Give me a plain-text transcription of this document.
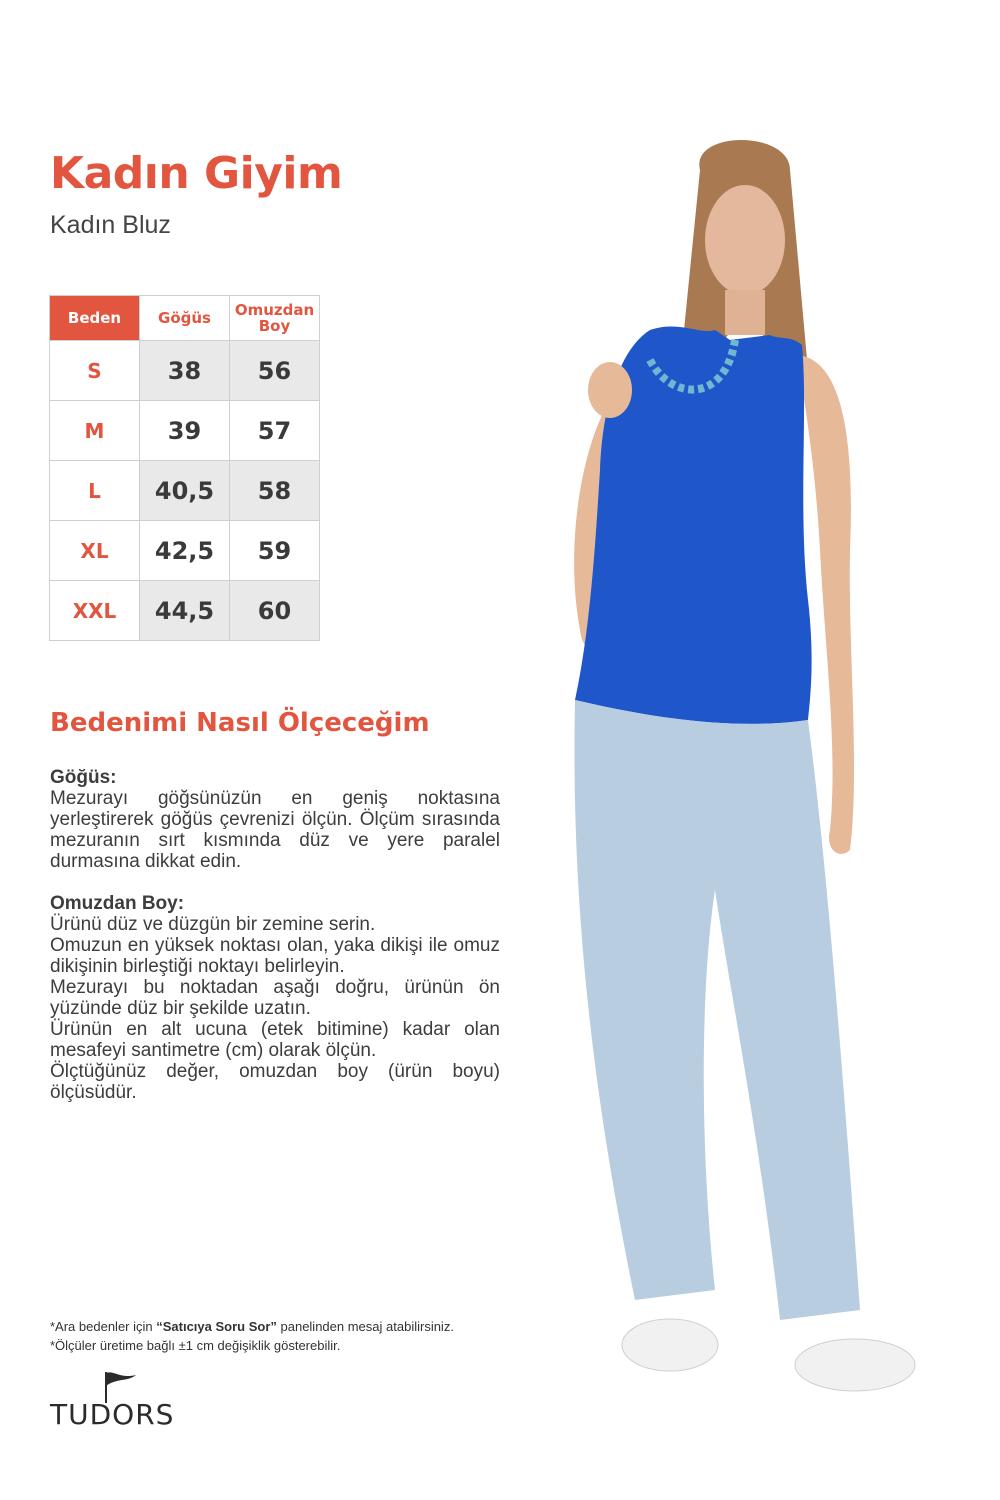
Kadın Giyim
Kadın Bluz
Beden	Göğüs	Omuzdan
Boy
S	38	56
M	39	57
L	40,5	58
XL	42,5	59
XXL	44,5	60
Bedenimi Nasıl Ölçeceğim
Göğüs:

Mezurayı göğsünüzün en geniş noktasına yerleştirerek göğüs çevrenizi ölçün. Ölçüm sırasında mezuranın sırt kısmında düz ve yere paralel durmasına dikkat edin.

Omuzdan Boy:

Ürünü düz ve düzgün bir zemine serin.

Omuzun en yüksek noktası olan, yaka dikişi ile omuz dikişinin birleştiği noktayı belirleyin.

Mezurayı bu noktadan aşağı doğru, ürünün ön yüzünde düz bir şekilde uzatın.

Ürünün en alt ucuna (etek bitimine) kadar olan mesafeyi santimetre (cm) olarak ölçün.

Ölçtüğünüz değer, omuzdan boy (ürün boyu) ölçüsüdür.

*Ara bedenler için “Satıcıya Soru Sor” panelinden mesaj atabilirsiniz.
*Ölçüler üretime bağlı ±1 cm değişiklik gösterebilir.
TUDORS
